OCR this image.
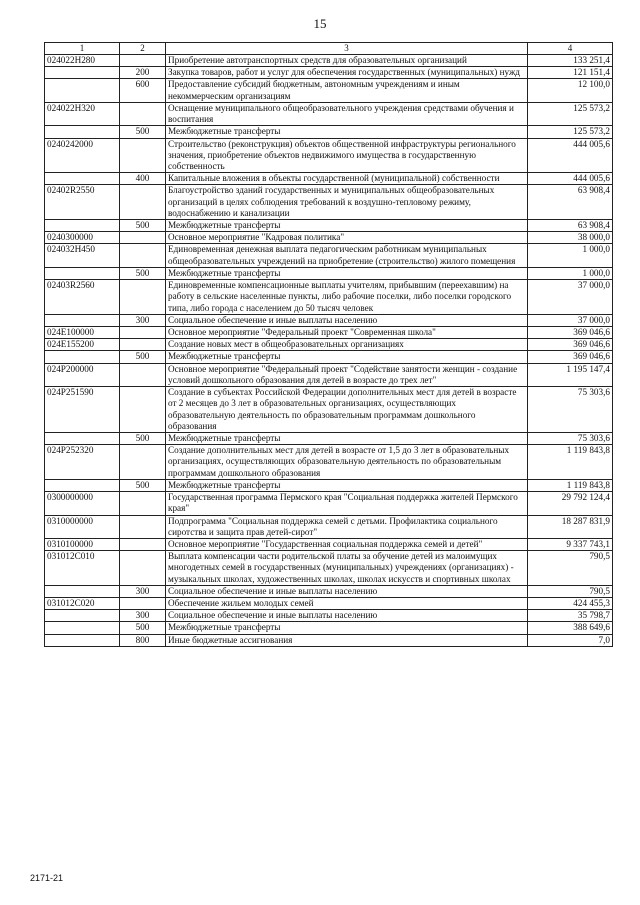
15
1	2	3	4
024022Н280		Приобретение автотранспортных средств для образовательных организаций	133 251,4
	200	Закупка товаров, работ и услуг для обеспечения государственных (муниципальных) нужд	121 151,4
	600	Предоставление субсидий бюджетным, автономным учреждениям и иным некоммерческим организациям	12 100,0
024022Н320		Оснащение муниципального общеобразовательного учреждения средствами обучения и воспитания	125 573,2
	500	Межбюджетные трансферты	125 573,2
0240242000		Строительство (реконструкция) объектов общественной инфраструктуры регионального значения, приобретение объектов недвижимого имущества в государственную собственность	444 005,6
	400	Капитальные вложения в объекты государственной (муниципальной) собственности	444 005,6
02402R2550		Благоустройство зданий государственных и муниципальных общеобразовательных организаций в целях соблюдения требований к воздушно-тепловому режиму, водоснабжению и канализации	63 908,4
	500	Межбюджетные трансферты	63 908,4
0240300000		Основное мероприятие "Кадровая политика"	38 000,0
024032Н450		Единовременная денежная выплата педагогическим работникам муниципальных общеобразовательных учреждений на приобретение (строительство) жилого помещения	1 000,0
	500	Межбюджетные трансферты	1 000,0
02403R2560		Единовременные компенсационные выплаты учителям, прибывшим (переехавшим) на работу в сельские населенные пункты, либо рабочие поселки, либо поселки городского типа, либо города с населением до 50 тысяч человек	37 000,0
	300	Социальное обеспечение и иные выплаты населению	37 000,0
024Е100000		Основное мероприятие "Федеральный проект "Современная школа"	369 046,6
024Е155200		Создание новых мест в общеобразовательных организациях	369 046,6
	500	Межбюджетные трансферты	369 046,6
024Р200000		Основное мероприятие "Федеральный проект "Содействие занятости женщин - создание условий дошкольного образования для детей в возрасте до трех лет"	1 195 147,4
024Р251590		Создание в субъектах Российской Федерации дополнительных мест для детей в возрасте от 2 месяцев до 3 лет в образовательных организациях, осуществляющих образовательную деятельность по образовательным программам дошкольного образования	75 303,6
	500	Межбюджетные трансферты	75 303,6
024Р252320		Создание дополнительных мест для детей в возрасте от 1,5 до 3 лет в образовательных организациях, осуществляющих образовательную деятельность по образовательным программам дошкольного образования	1 119 843,8
	500	Межбюджетные трансферты	1 119 843,8
0300000000		Государственная программа Пермского края "Социальная поддержка жителей Пермского края"	29 792 124,4
0310000000		Подпрограмма "Социальная поддержка семей с детьми. Профилактика социального сиротства и защита прав детей-сирот"	18 287 831,9
0310100000		Основное мероприятие "Государственная социальная поддержка семей и детей"	9 337 743,1
031012С010		Выплата компенсации части родительской платы за обучение детей из малоимущих многодетных семей в государственных (муниципальных) учреждениях (организациях) - музыкальных школах, художественных школах, школах искусств и спортивных школах	790,5
	300	Социальное обеспечение и иные выплаты населению	790,5
031012С020		Обеспечение жильем молодых семей	424 455,3
	300	Социальное обеспечение и иные выплаты населению	35 798,7
	500	Межбюджетные трансферты	388 649,6
	800	Иные бюджетные ассигнования	7,0
2171-21
